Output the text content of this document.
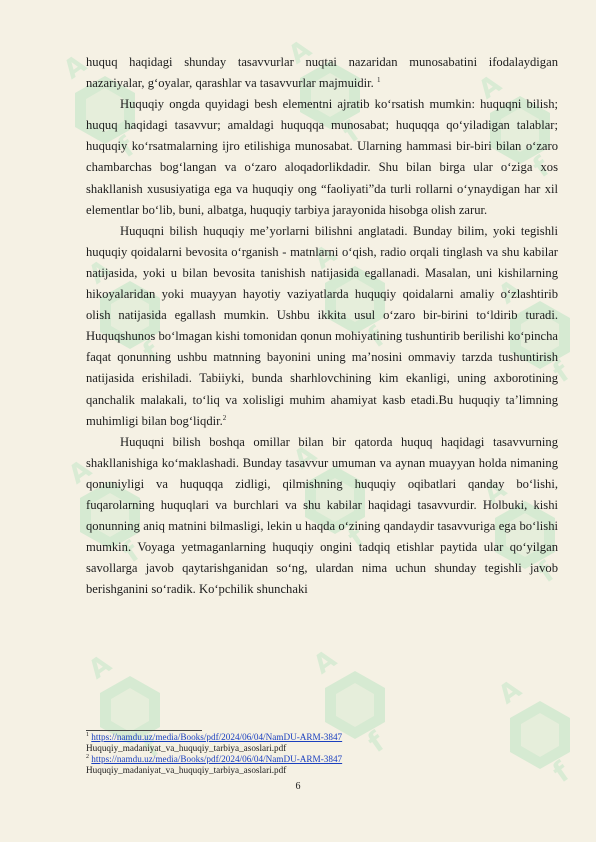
f

huquq haqidagi shunday tasavvurlar nuqtai nazaridan munosabatini ifodalaydigan nazariyalar, g‘oyalar, qarashlar va tasavvurlar majmuidir. $^1$

Huquqiy ongda quyidagi besh elementni ajratib ko‘rsatish mumkin: huquqni bilish; huquq haqidagi tasavvur; amaldagi huquqqa munosabat; huquqqa qo‘yiladigan talablar; huquqiy ko‘rsatmalarning ijro etilishiga munosabat. Ularning hammasi bir-biri bilan o‘zaro chambarchas bog‘langan va o‘zaro aloqadorlikdadir. Shu bilan birga ular o‘ziga xos shakllanish xususiyatiga ega va huquqiy ong “faoliyati”da turli rollarni o‘ynaydigan har xil elementlar bo‘lib, buni, albatga, huquqiy tarbiya jarayonida hisobga olish zarur.

Huquqni bilish huquqiy me’yorlarni bilishni anglatadi. Bunday bilim, yoki tegishli huquqiy qoidalarni bevosita o‘rganish - matnlarni o‘qish, radio orqali tinglash va shu kabilar natijasida, yoki u bilan bevosita tanishish natijasida egallanadi. Masalan, uni kishilarning hikoyalaridan yoki muayyan hayotiy vaziyatlarda huquqiy qoidalarni amaliy o‘zlashtirib olish natijasida egallash mumkin. Ushbu ikkita usul o‘zaro bir-birini to‘ldirib turadi. Huquqshunos bo‘lmagan kishi tomonidan qonun mohiyatining tushuntirib berilishi ko‘pincha faqat qonunning ushbu matnning bayonini uning ma’nosini ommaviy tarzda tushuntirish natijasida erishiladi. Tabiiyki, bunda sharhlovchining kim ekanligi, uning axborotining qanchalik malakali, to‘liq va xolisligi muhim ahamiyat kasb etadi.Bu huquqiy ta’limning muhimligi bilan bog‘liqdir.$^2$

Huquqni bilish boshqa omillar bilan bir qatorda huquq haqidagi tasavvurning shakllanishiga ko‘maklashadi. Bunday tasavvur umuman va aynan muayyan holda nimaning qonuniyligi va huquqqa zidligi, qilmishning huquqiy oqibatlari qanday bo‘lishi, fuqarolarning huquqlari va burchlari va shu kabilar haqidagi tasavvurdir. Holbuki, kishi qonunning aniq matnini bilmasligi, lekin u haqda o‘zining qandaydir tasavvuriga ega bo‘lishi mumkin. Voyaga yetmaganlarning huquqiy ongini tadqiq etishlar paytida ular qo‘yilgan savollarga javob qaytarishganidan so‘ng, ulardan nima uchun shunday tegishli javob berishganini so‘radik. Ko‘pchilik shunchaki

$^1$ https://namdu.uz/media/Books/pdf/2024/06/04/NamDU-ARM-3847

Huquqiy_madaniyat_va_huquqiy_tarbiya_asoslari.pdf

$^2$ https://namdu.uz/media/Books/pdf/2024/06/04/NamDU-ARM-3847

Huquqiy_madaniyat_va_huquqiy_tarbiya_asoslari.pdf

6
